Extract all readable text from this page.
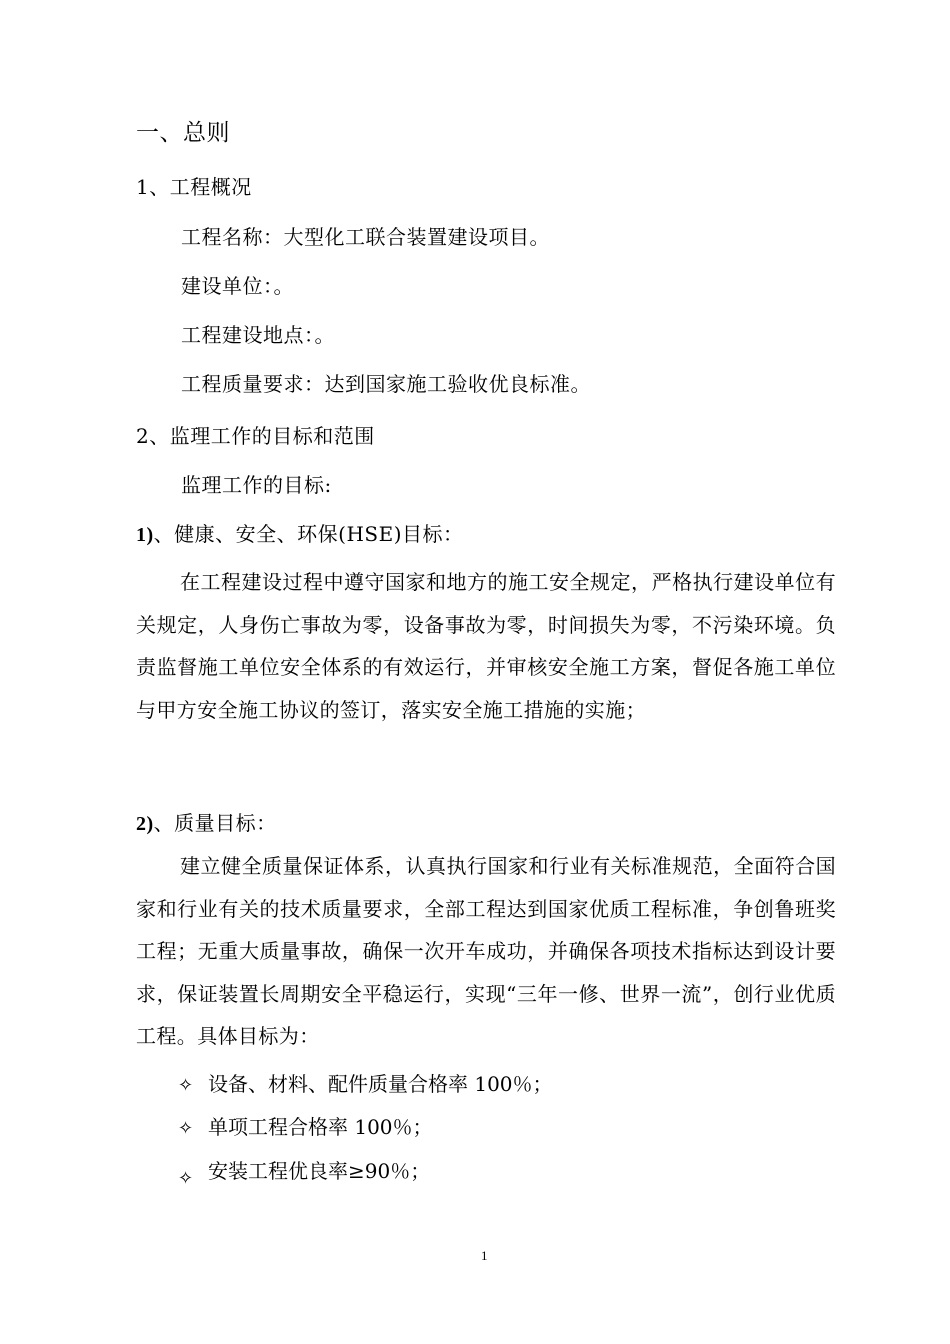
一、总则
1、工程概况
工程名称：大型化工联合装置建设项目。
建设单位：。
工程建设地点：。
工程质量要求：达到国家施工验收优良标准。
2、监理工作的目标和范围
监理工作的目标:
1)、健康、安全、环保(HSE)目标：
在工程建设过程中遵守国家和地方的施工安全规定，严格执行建设单位有关规定，人身伤亡事故为零，设备事故为零，时间损失为零，不污染环境。负责监督施工单位安全体系的有效运行，并审核安全施工方案，督促各施工单位与甲方安全施工协议的签订，落实安全施工措施的实施；
2)、质量目标：
建立健全质量保证体系，认真执行国家和行业有关标准规范，全面符合国家和行业有关的技术质量要求，全部工程达到国家优质工程标准，争创鲁班奖工程；无重大质量事故，确保一次开车成功，并确保各项技术指标达到设计要求，保证装置长周期安全平稳运行，实现“三年一修、世界一流”，创行业优质工程。具体目标为：
✧ 设备、材料、配件质量合格率 100％；
✧ 单项工程合格率 100％；
✧ 安装工程优良率≥90％；
1
